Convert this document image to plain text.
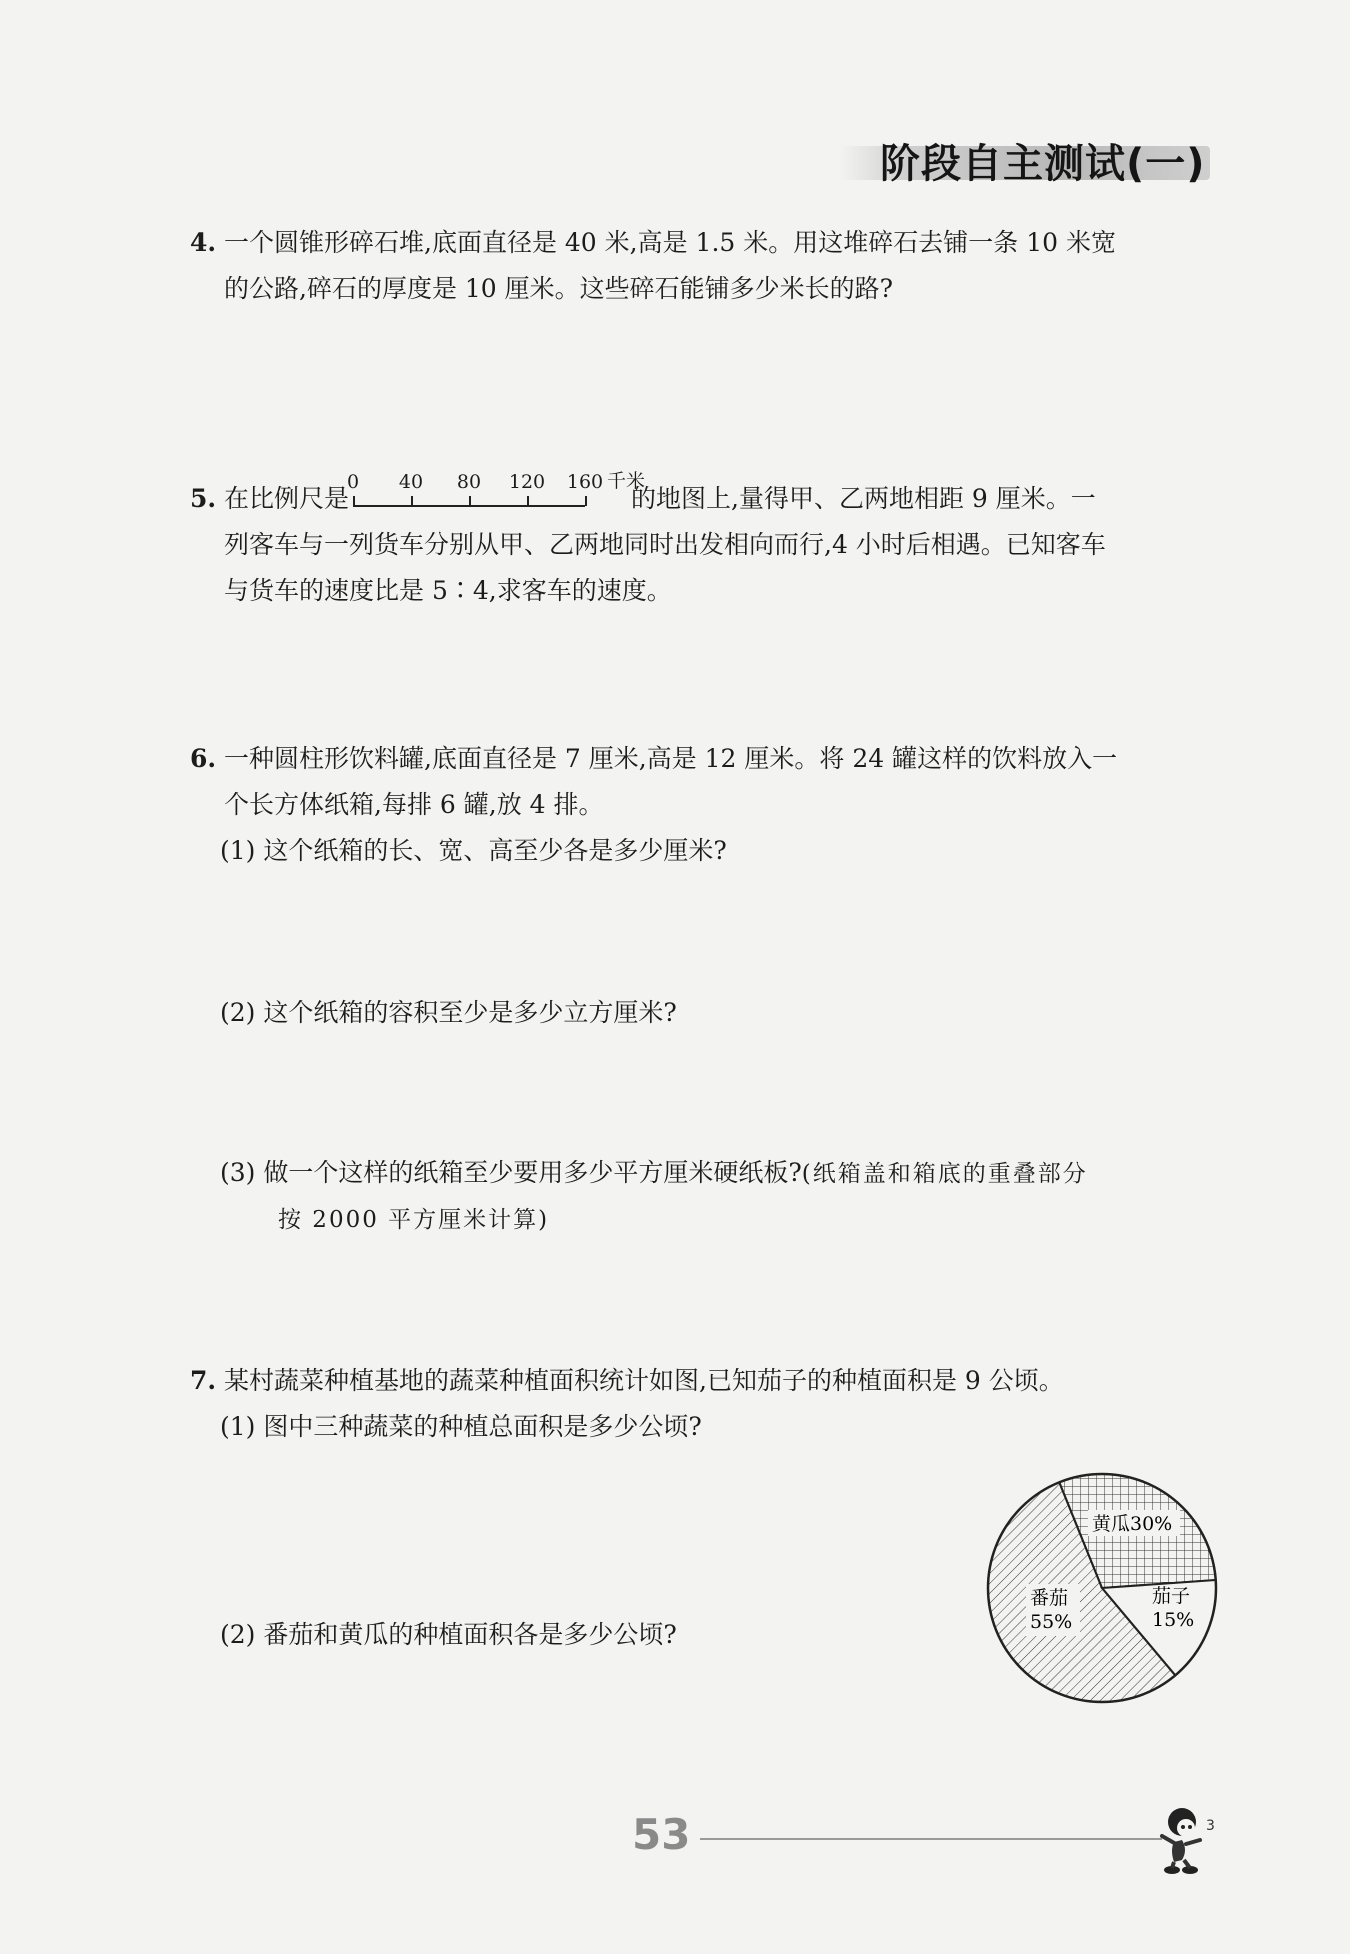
阶段自主测试(一)
4. 一个圆锥形碎石堆,底面直径是 40 米,高是 1.5 米。用这堆碎石去铺一条 10 米宽
的公路,碎石的厚度是 10 厘米。这些碎石能铺多少米长的路?
5. 在比例尺是
0 40 80 120 160 千米
的地图上,量得甲、乙两地相距 9 厘米。一
列客车与一列货车分别从甲、乙两地同时出发相向而行,4 小时后相遇。已知客车
与货车的速度比是 5∶4,求客车的速度。
6. 一种圆柱形饮料罐,底面直径是 7 厘米,高是 12 厘米。将 24 罐这样的饮料放入一
个长方体纸箱,每排 6 罐,放 4 排。
(1) 这个纸箱的长、宽、高至少各是多少厘米?
(2) 这个纸箱的容积至少是多少立方厘米?
(3) 做一个这样的纸箱至少要用多少平方厘米硬纸板?(纸箱盖和箱底的重叠部分
按 2000 平方厘米计算)
7. 某村蔬菜种植基地的蔬菜种植面积统计如图,已知茄子的种植面积是 9 公顷。
(1) 图中三种蔬菜的种植总面积是多少公顷?
(2) 番茄和黄瓜的种植面积各是多少公顷?
黄瓜30%
番茄
55%
茄子
15%
53	3
